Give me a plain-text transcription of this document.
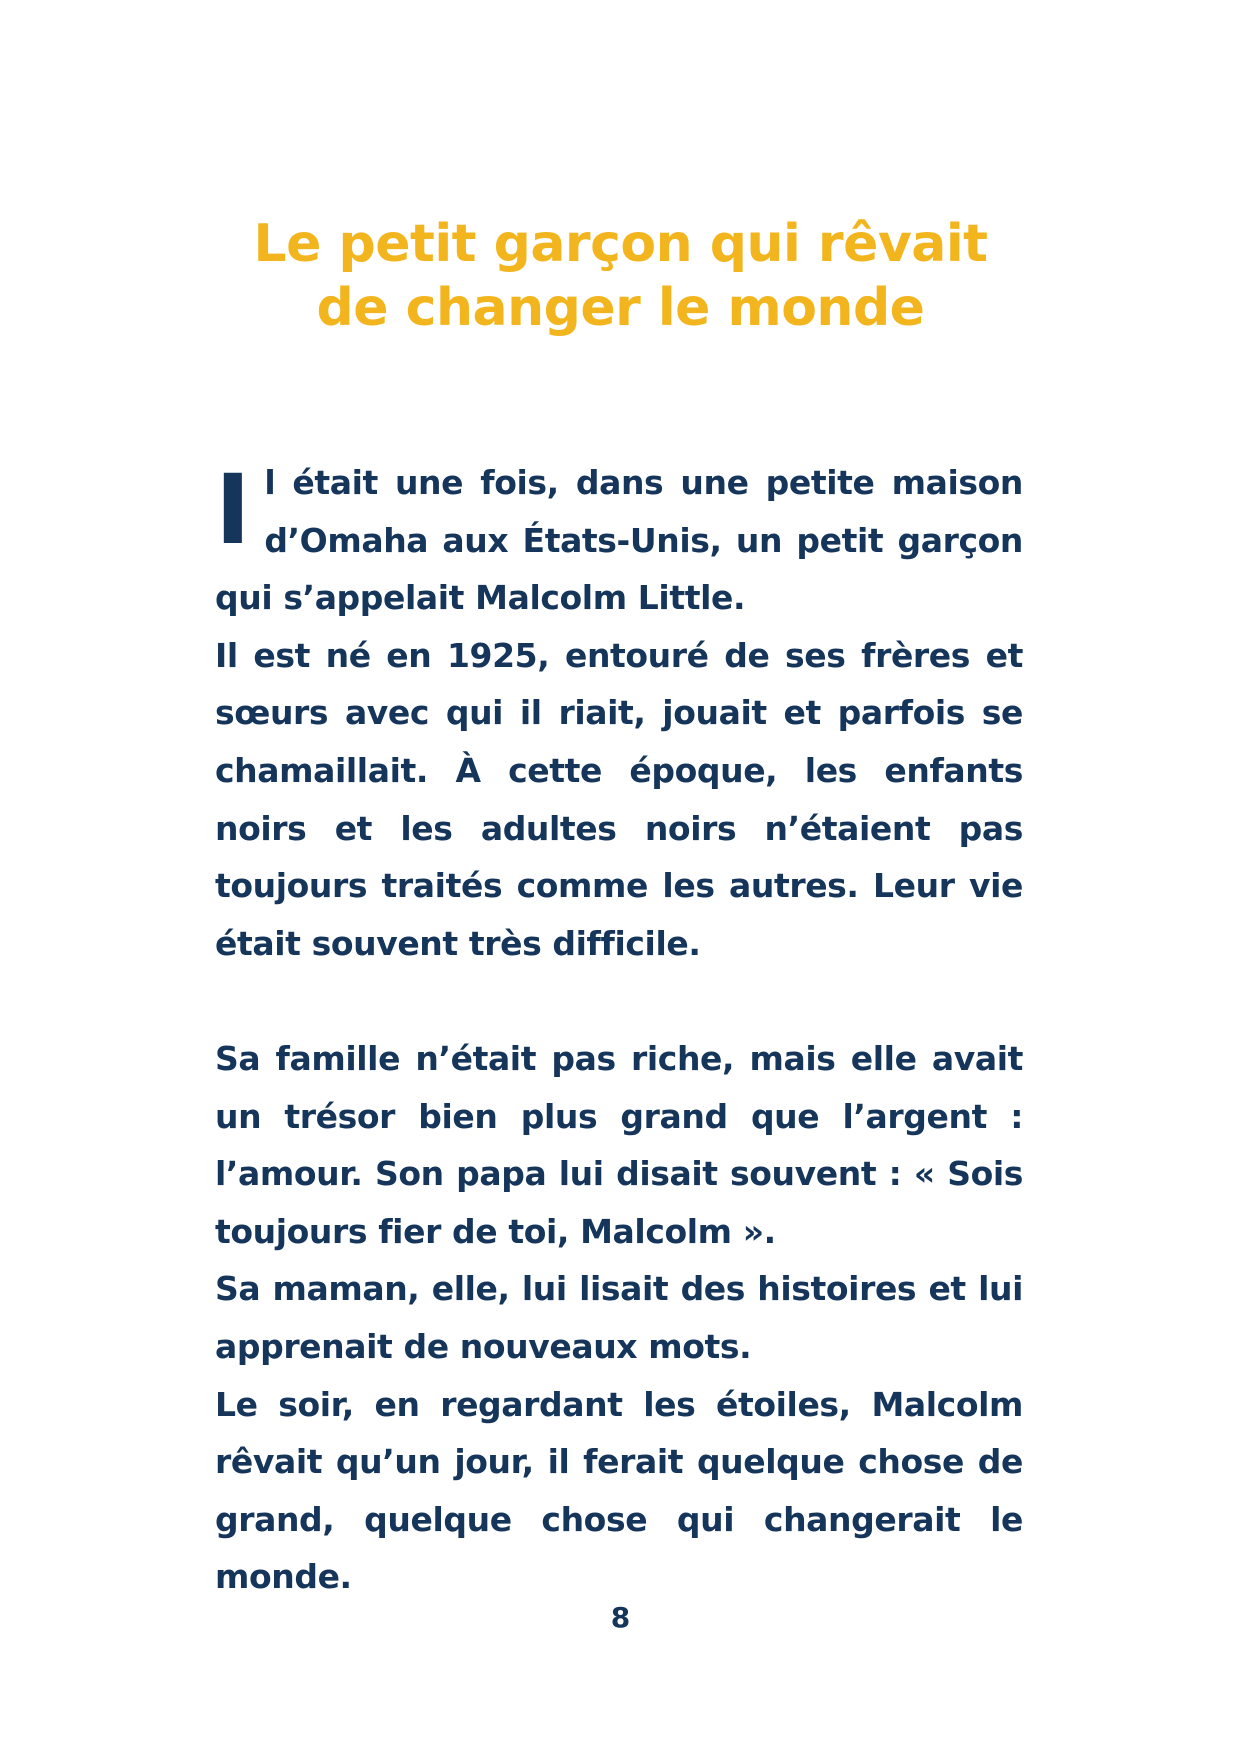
Le petit garçon qui rêvait
de changer le monde

Il était une fois, dans une petite maison d’Omaha aux États-Unis, un petit garçon qui s’appelait Malcolm Little.

Il est né en 1925, entouré de ses frères et sœurs avec qui il riait, jouait et parfois se chamaillait. À cette époque, les enfants noirs et les adultes noirs n’étaient pas toujours traités comme les autres. Leur vie était souvent très difficile.

Sa famille n’était pas riche, mais elle avait un trésor bien plus grand que l’argent : l’amour. Son papa lui disait souvent : « Sois toujours fier de toi, Malcolm ».

Sa maman, elle, lui lisait des histoires et lui apprenait de nouveaux mots.

Le soir, en regardant les étoiles, Malcolm rêvait qu’un jour, il ferait quelque chose de grand, quelque chose qui changerait le monde.

8
